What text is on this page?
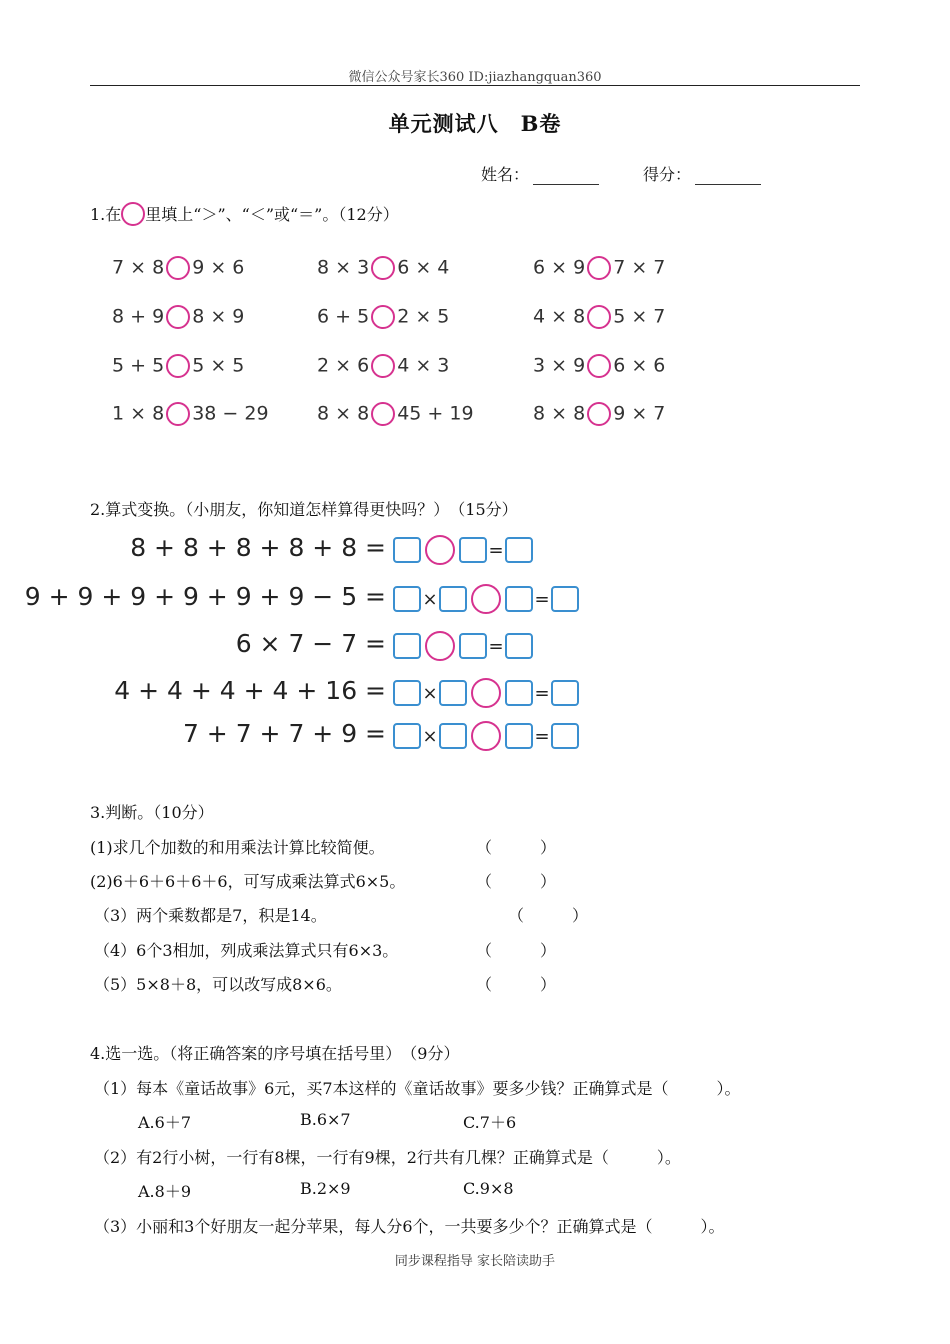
微信公众号家长360 ID:jiazhangquan360
单元测试八　B卷
姓名：	得分：
1.在 里填上“＞”、“＜”或“＝”。（12分）
7 × 8 9 × 6	8 × 3 6 × 4	6 × 9 7 × 7
8 + 9 8 × 9	6 + 5 2 × 5	4 × 8 5 × 7
5 + 5 5 × 5	2 × 6 4 × 3	3 × 9 6 × 6
1 × 8 38 − 29	8 × 8 45 + 19	8 × 8 9 × 7
2.算式变换。（小朋友，你知道怎样算得更快吗？）　（15分）
8 + 8 + 8 + 8 + 8 =	=
9 + 9 + 9 + 9 + 9 + 9 − 5 =	×	=
6 × 7 − 7 =	=
4 + 4 + 4 + 4 + 16 =	×	=
7 + 7 + 7 + 9 =	×	=
3.判断。（10分）
(1)求几个加数的和用乘法计算比较简便。	（　　　）
(2)6＋6＋6＋6＋6，可写成乘法算式6×5。	（　　　）
（3）两个乘数都是7，积是14。	（　　　）
（4）6个3相加，列成乘法算式只有6×3。	（　　　）
（5）5×8＋8，可以改写成8×6。	（　　　）
4.选一选。（将正确答案的序号填在括号里）　（9分）
（1）每本《童话故事》6元，买7本这样的《童话故事》要多少钱？正确算式是（　　　）。
A.6＋7	B.6×7	C.7＋6
（2）有2行小树，一行有8棵，一行有9棵，2行共有几棵？正确算式是（　　　）。
A.8＋9	B.2×9	C.9×8
（3）小丽和3个好朋友一起分苹果，每人分6个，一共要多少个？正确算式是（　　　）。
同步课程指导 家长陪读助手
